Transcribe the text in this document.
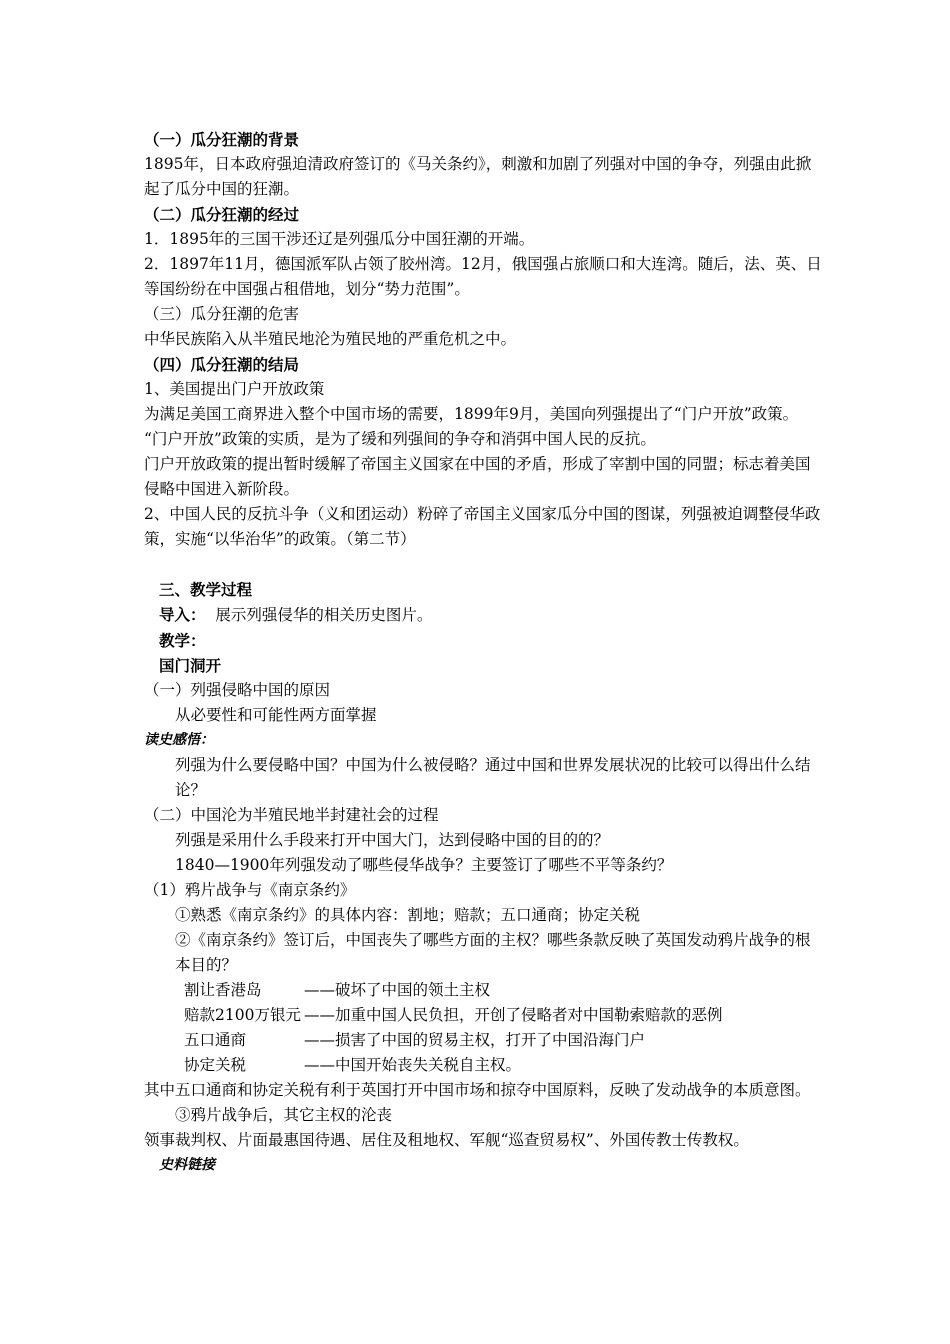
（一）瓜分狂潮的背景

1895年，日本政府强迫清政府签订的《马关条约》，刺激和加剧了列强对中国的争夺，列强由此掀起了瓜分中国的狂潮。

（二）瓜分狂潮的经过

1．1895年的三国干涉还辽是列强瓜分中国狂潮的开端。

2．1897年11月，德国派军队占领了胶州湾。12月，俄国强占旅顺口和大连湾。随后，法、英、日等国纷纷在中国强占租借地，划分“势力范围”。

（三）瓜分狂潮的危害

中华民族陷入从半殖民地沦为殖民地的严重危机之中。

（四）瓜分狂潮的结局

1、美国提出门户开放政策

为满足美国工商界进入整个中国市场的需要，1899年9月，美国向列强提出了“门户开放”政策。

“门户开放”政策的实质，是为了缓和列强间的争夺和消弭中国人民的反抗。

门户开放政策的提出暂时缓解了帝国主义国家在中国的矛盾，形成了宰割中国的同盟；标志着美国侵略中国进入新阶段。

2、中国人民的反抗斗争（义和团运动）粉碎了帝国主义国家瓜分中国的图谋，列强被迫调整侵华政策，实施“以华治华”的政策。（第二节）

三、教学过程

导入： 展示列强侵华的相关历史图片。

教学：

国门洞开

（一）列强侵略中国的原因

从必要性和可能性两方面掌握

读史感悟：

列强为什么要侵略中国？中国为什么被侵略？通过中国和世界发展状况的比较可以得出什么结论？

（二）中国沦为半殖民地半封建社会的过程

列强是采用什么手段来打开中国大门，达到侵略中国的目的的？

1840—1900年列强发动了哪些侵华战争？主要签订了哪些不平等条约？

（1）鸦片战争与《南京条约》

①熟悉《南京条约》的具体内容：割地；赔款；五口通商；协定关税

②《南京条约》签订后，中国丧失了哪些方面的主权？哪些条款反映了英国发动鸦片战争的根本目的？

割让香港岛	——破坏了中国的领土主权
赔款2100万银元 ——加重中国人民负担，开创了侵略者对中国勒索赔款的恶例
五口通商	——损害了中国的贸易主权，打开了中国沿海门户
协定关税	——中国开始丧失关税自主权。

其中五口通商和协定关税有利于英国打开中国市场和掠夺中国原料，反映了发动战争的本质意图。

③鸦片战争后，其它主权的沦丧

领事裁判权、片面最惠国待遇、居住及租地权、军舰“巡查贸易权”、外国传教士传教权。

史料链接
